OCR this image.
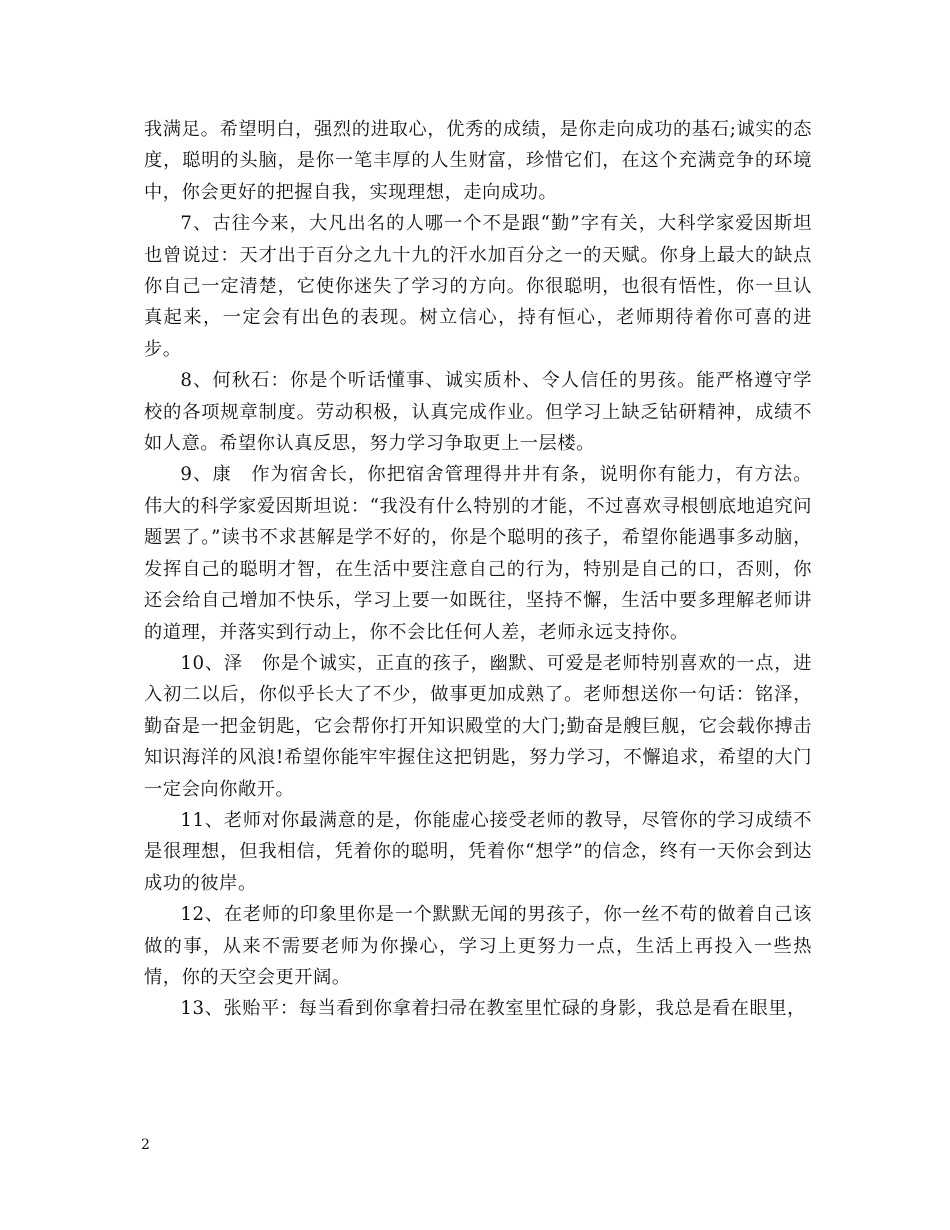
我满足。希望明白，强烈的进取心，优秀的成绩，是你走向成功的基石;诚实的态度，聪明的头脑，是你一笔丰厚的人生财富，珍惜它们，在这个充满竞争的环境中，你会更好的把握自我，实现理想，走向成功。

7、古往今来，大凡出名的人哪一个不是跟“勤”字有关，大科学家爱因斯坦也曾说过：天才出于百分之九十九的汗水加百分之一的天赋。你身上最大的缺点你自己一定清楚，它使你迷失了学习的方向。你很聪明，也很有悟性，你一旦认真起来，一定会有出色的表现。树立信心，持有恒心，老师期待着你可喜的进步。

8、何秋石：你是个听话懂事、诚实质朴、令人信任的男孩。能严格遵守学校的各项规章制度。劳动积极，认真完成作业。但学习上缺乏钻研精神，成绩不如人意。希望你认真反思，努力学习争取更上一层楼。

9、康　作为宿舍长，你把宿舍管理得井井有条，说明你有能力，有方法。伟大的科学家爱因斯坦说：“我没有什么特别的才能，不过喜欢寻根刨底地追究问题罢了。”读书不求甚解是学不好的，你是个聪明的孩子，希望你能遇事多动脑，发挥自己的聪明才智，在生活中要注意自己的行为，特别是自己的口，否则，你还会给自己增加不快乐，学习上要一如既往，坚持不懈，生活中要多理解老师讲的道理，并落实到行动上，你不会比任何人差，老师永远支持你。

10、泽　你是个诚实，正直的孩子，幽默、可爱是老师特别喜欢的一点，进入初二以后，你似乎长大了不少，做事更加成熟了。老师想送你一句话：铭泽，勤奋是一把金钥匙，它会帮你打开知识殿堂的大门;勤奋是艘巨舰，它会载你搏击知识海洋的风浪!希望你能牢牢握住这把钥匙，努力学习，不懈追求，希望的大门一定会向你敞开。

11、老师对你最满意的是，你能虚心接受老师的教导，尽管你的学习成绩不是很理想，但我相信，凭着你的聪明，凭着你“想学”的信念，终有一天你会到达成功的彼岸。

12、在老师的印象里你是一个默默无闻的男孩子，你一丝不苟的做着自己该做的事，从来不需要老师为你操心，学习上更努力一点，生活上再投入一些热情，你的天空会更开阔。

13、张贻平：每当看到你拿着扫帚在教室里忙碌的身影，我总是看在眼里，

2
